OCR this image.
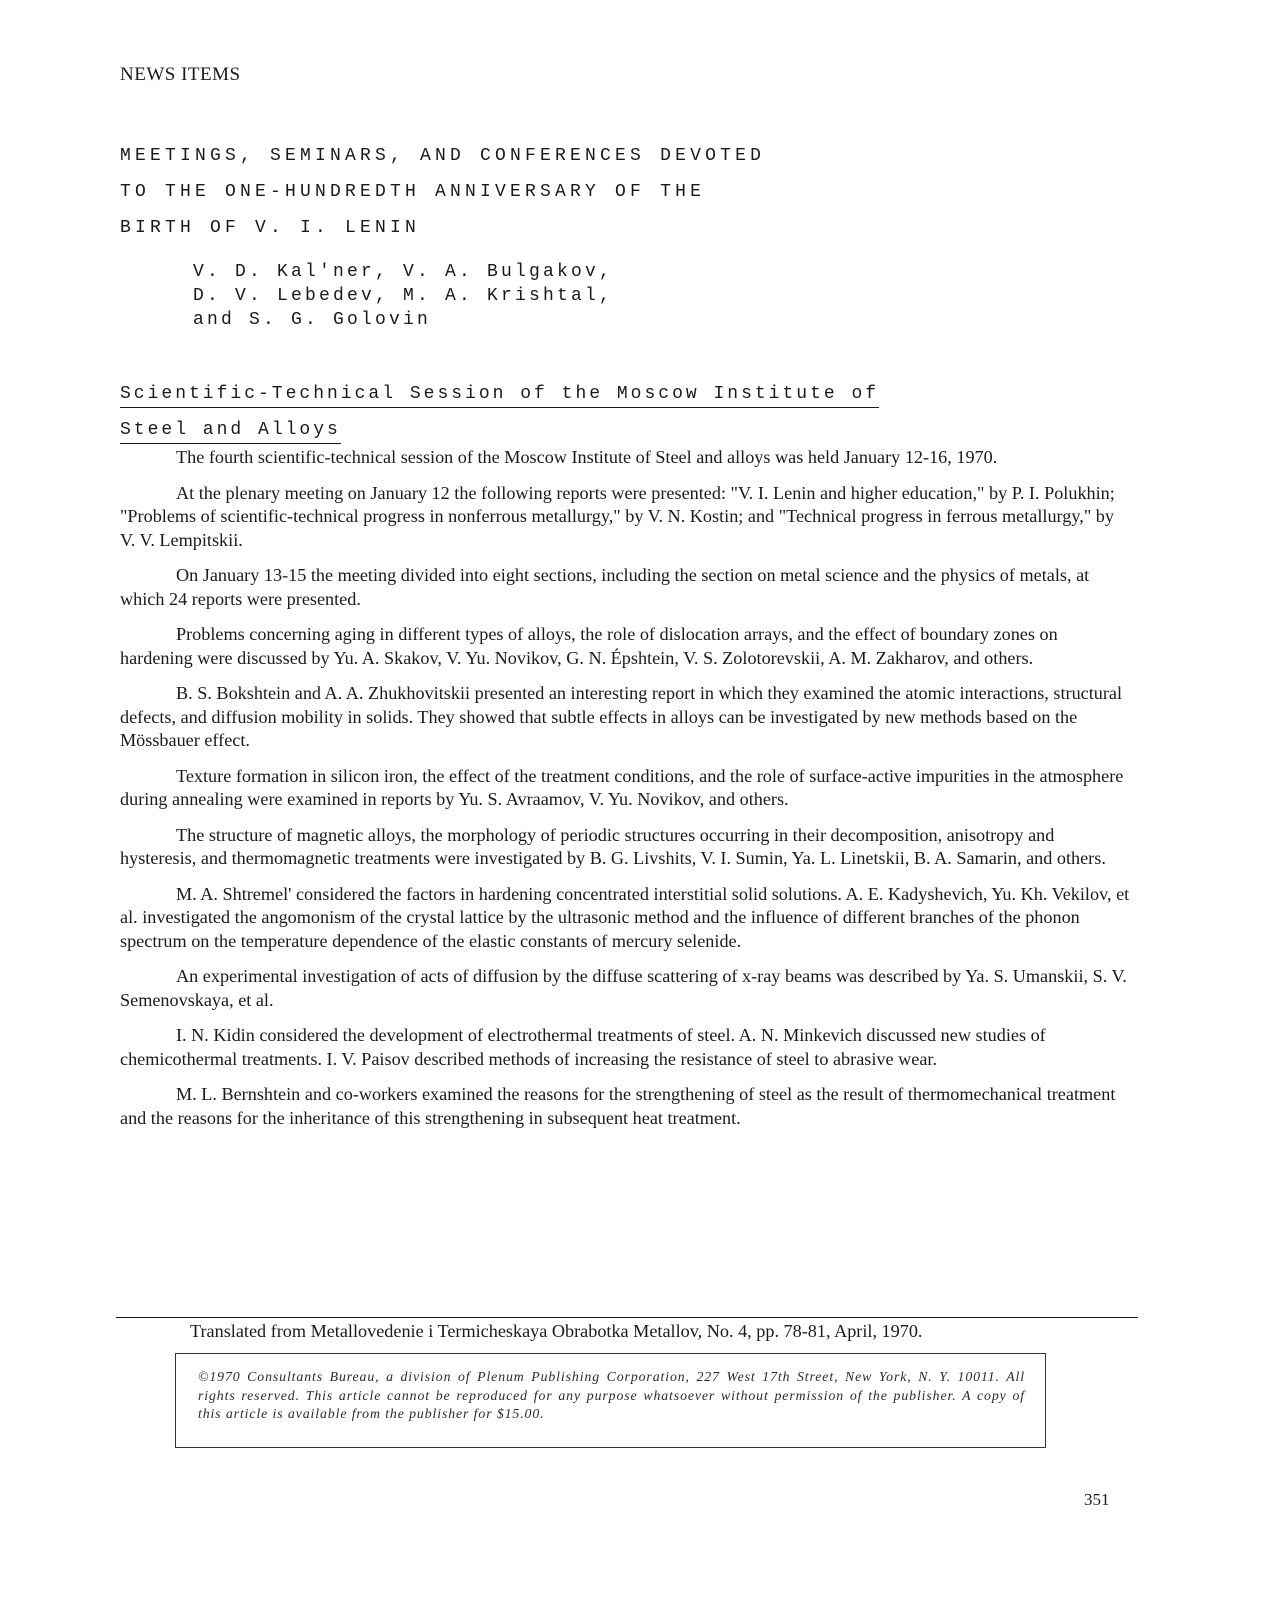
NEWS ITEMS
MEETINGS, SEMINARS, AND CONFERENCES DEVOTED
TO THE ONE-HUNDREDTH ANNIVERSARY OF THE
BIRTH OF V. I. LENIN
V. D. Kal'ner, V. A. Bulgakov,
D. V. Lebedev, M. A. Krishtal,
and S. G. Golovin
Scientific-Technical Session of the Moscow Institute of
Steel and Alloys

The fourth scientific-technical session of the Moscow Institute of Steel and alloys was held January 12-16, 1970.

At the plenary meeting on January 12 the following reports were presented: "V. I. Lenin and higher education," by P. I. Polukhin; "Problems of scientific-technical progress in nonferrous metallurgy," by V. N. Kostin; and "Technical progress in ferrous metallurgy," by V. V. Lempitskii.

On January 13-15 the meeting divided into eight sections, including the section on metal science and the physics of metals, at which 24 reports were presented.

Problems concerning aging in different types of alloys, the role of dislocation arrays, and the effect of boundary zones on hardening were discussed by Yu. A. Skakov, V. Yu. Novikov, G. N. Épshtein, V. S. Zolotorevskii, A. M. Zakharov, and others.

B. S. Bokshtein and A. A. Zhukhovitskii presented an interesting report in which they examined the atomic interactions, structural defects, and diffusion mobility in solids. They showed that subtle effects in alloys can be investigated by new methods based on the Mössbauer effect.

Texture formation in silicon iron, the effect of the treatment conditions, and the role of surface-active impurities in the atmosphere during annealing were examined in reports by Yu. S. Avraamov, V. Yu. Novikov, and others.

The structure of magnetic alloys, the morphology of periodic structures occurring in their decomposition, anisotropy and hysteresis, and thermomagnetic treatments were investigated by B. G. Livshits, V. I. Sumin, Ya. L. Linetskii, B. A. Samarin, and others.

M. A. Shtremel' considered the factors in hardening concentrated interstitial solid solutions. A. E. Kadyshevich, Yu. Kh. Vekilov, et al. investigated the angomonism of the crystal lattice by the ultrasonic method and the influence of different branches of the phonon spectrum on the temperature dependence of the elastic constants of mercury selenide.

An experimental investigation of acts of diffusion by the diffuse scattering of x-ray beams was described by Ya. S. Umanskii, S. V. Semenovskaya, et al.

I. N. Kidin considered the development of electrothermal treatments of steel. A. N. Minkevich discussed new studies of chemicothermal treatments. I. V. Paisov described methods of increasing the resistance of steel to abrasive wear.

M. L. Bernshtein and co-workers examined the reasons for the strengthening of steel as the result of thermomechanical treatment and the reasons for the inheritance of this strengthening in subsequent heat treatment.

Translated from Metallovedenie i Termicheskaya Obrabotka Metallov, No. 4, pp. 78-81, April, 1970.
©1970 Consultants Bureau, a division of Plenum Publishing Corporation, 227 West 17th Street, New York, N. Y. 10011. All rights reserved. This article cannot be reproduced for any purpose whatsoever without permission of the publisher. A copy of this article is available from the publisher for $15.00.
351
